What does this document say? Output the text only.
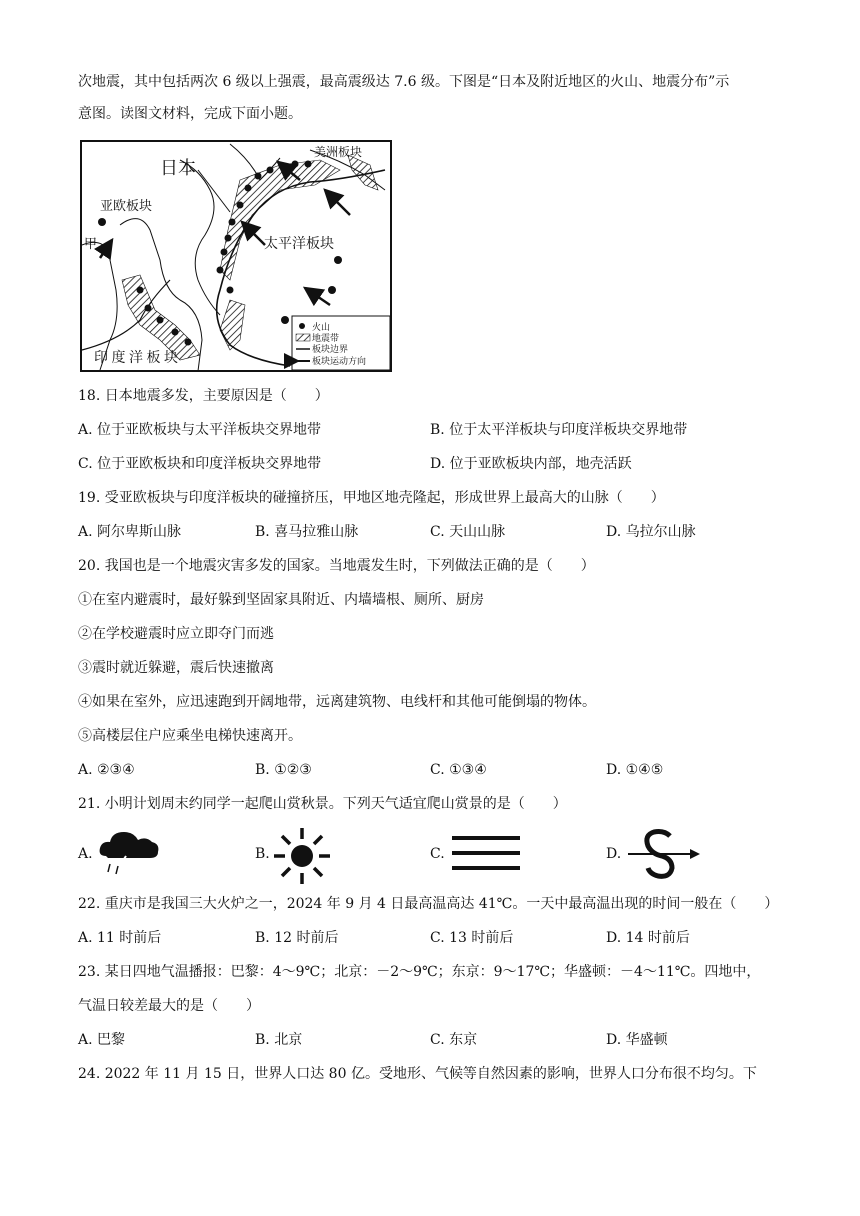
次地震，其中包括两次 6 级以上强震，最高震级达 7.6 级。下图是“日本及附近地区的火山、地震分布”示
意图。读图文材料，完成下面小题。
日本
美洲板块
亚欧板块
甲	太平洋板块
印 度 洋 板 块
火山
地震带
板块边界
板块运动方向
18. 日本地震多发，主要原因是（　　）
A. 位于亚欧板块与太平洋板块交界地带	B. 位于太平洋板块与印度洋板块交界地带
C. 位于亚欧板块和印度洋板块交界地带	D. 位于亚欧板块内部，地壳活跃
19. 受亚欧板块与印度洋板块的碰撞挤压，甲地区地壳隆起，形成世界上最高大的山脉（　　）
A. 阿尔卑斯山脉	B. 喜马拉雅山脉	C. 天山山脉	D. 乌拉尔山脉
20. 我国也是一个地震灾害多发的国家。当地震发生时，下列做法正确的是（　　）
①在室内避震时，最好躲到坚固家具附近、内墙墙根、厕所、厨房
②在学校避震时应立即夺门而逃
③震时就近躲避，震后快速撤离
④如果在室外，应迅速跑到开阔地带，远离建筑物、电线杆和其他可能倒塌的物体。
⑤高楼层住户应乘坐电梯快速离开。
A. ②③④	B. ①②③	C. ①③④	D. ①④⑤
21. 小明计划周末约同学一起爬山赏秋景。下列天气适宜爬山赏景的是（　　）
A.	B.	C.	D.
22. 重庆市是我国三大火炉之一，2024 年 9 月 4 日最高温高达 41℃。一天中最高温出现的时间一般在（　　）
A. 11 时前后	B. 12 时前后	C. 13 时前后	D. 14 时前后
23. 某日四地气温播报：巴黎：4～9℃；北京：－2～9℃；东京：9～17℃；华盛顿：－4～11℃。四地中，
气温日较差最大的是（　　）
A. 巴黎	B. 北京	C. 东京	D. 华盛顿
24. 2022 年 11 月 15 日，世界人口达 80 亿。受地形、气候等自然因素的影响，世界人口分布很不均匀。下
